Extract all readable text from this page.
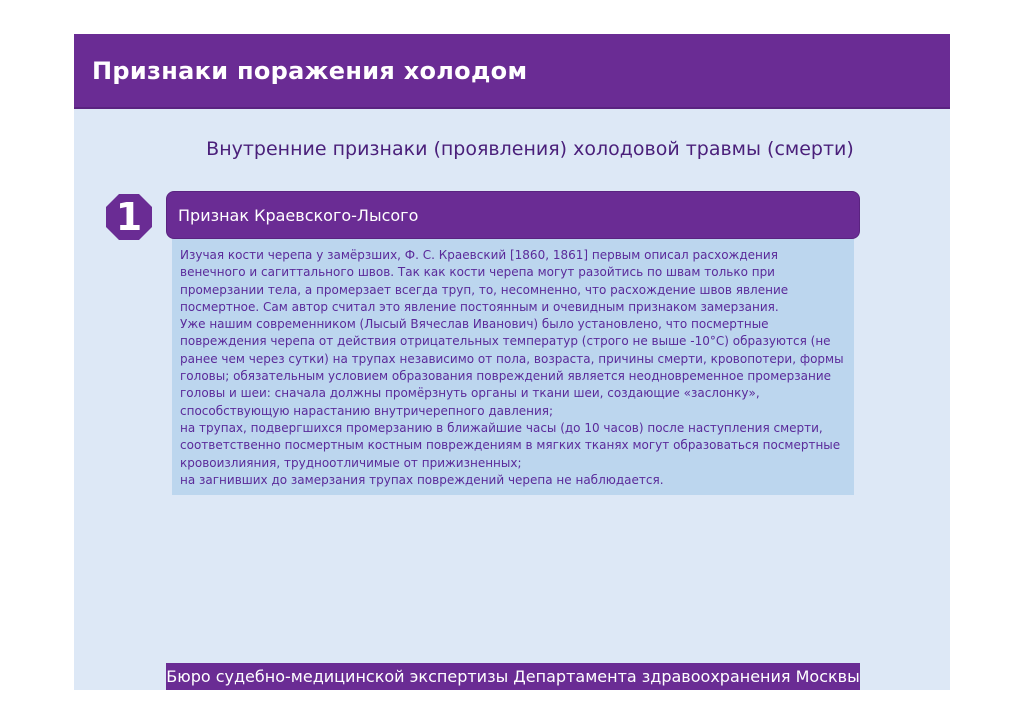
Признаки поражения холодом
Внутренние признаки (проявления) холодовой травмы (смерти)
1	Признак Краевского-Лысого

Изучая кости черепа у замёрзших, Ф. С. Краевский [1860, 1861] первым описал расхождения венечного и сагиттального швов. Так как кости черепа могут разойтись по швам только при промерзании тела, а промерзает всегда труп, то, несомненно, что расхождение швов явление посмертное. Сам автор считал это явление постоянным и очевидным признаком замерзания.

Уже нашим современником (Лысый Вячеслав Иванович) было установлено, что посмертные повреждения черепа от действия отрицательных температур (строго не выше -10°С) образуются (не ранее чем через сутки) на трупах независимо от пола, возраста, причины смерти, кровопотери, формы головы; обязательным условием образования повреждений является неодновременное промерзание головы и шеи: сначала должны промёрзнуть органы и ткани шеи, создающие «заслонку», способствующую нарастанию внутричерепного давления;

на трупах, подвергшихся промерзанию в ближайшие часы (до 10 часов) после наступления смерти, соответственно посмертным костным повреждениям в мягких тканях могут образоваться посмертные кровоизлияния, трудноотличимые от прижизненных;

на загнивших до замерзания трупах повреждений черепа не наблюдается.

Бюро судебно-медицинской экспертизы Департамента здравоохранения Москвы
